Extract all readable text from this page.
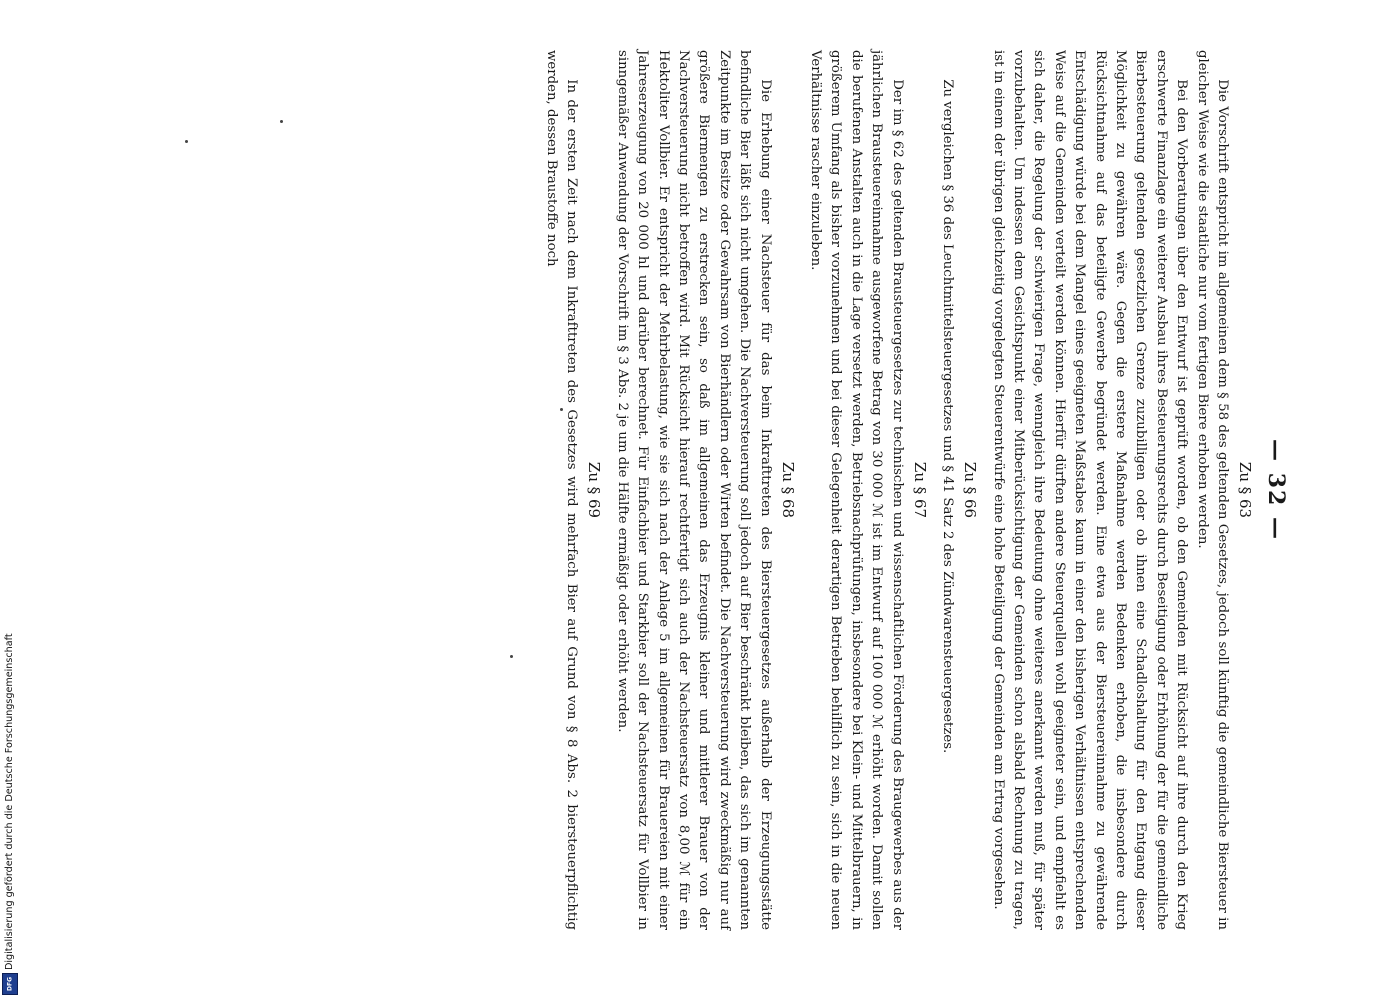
— 32 —
Zu § 63

Die Vorschrift entspricht im allgemeinen dem § 58 des geltenden Gesetzes, jedoch soll künftig die gemeindliche Biersteuer in gleicher Weise wie die staatliche nur vom fertigen Biere erhoben werden.

Bei den Vorberatungen über den Entwurf ist geprüft worden, ob den Gemeinden mit Rücksicht auf ihre durch den Krieg erschwerte Finanzlage ein weiterer Ausbau ihres Besteuerungsrechts durch Beseitigung oder Erhöhung der für die gemeindliche Bierbesteuerung geltenden gesetzlichen Grenze zuzubilligen oder ob ihnen eine Schadloshaltung für den Entgang dieser Möglichkeit zu gewähren wäre. Gegen die erstere Maßnahme werden Bedenken erhoben, die insbesondere durch Rücksichtnahme auf das beteiligte Gewerbe begründet werden. Eine etwa aus der Biersteuereinnahme zu gewährende Entschädigung würde bei dem Mangel eines geeigneten Maßstabes kaum in einer den bisherigen Verhältnissen entsprechenden Weise auf die Gemeinden verteilt werden können. Hierfür dürften andere Steuerquellen wohl geeigneter sein, und empfiehlt es sich daher, die Regelung der schwierigen Frage, wenngleich ihre Bedeutung ohne weiteres anerkannt werden muß, für später vorzubehalten. Um indessen dem Gesichtspunkt einer Mitberücksichtigung der Gemeinden schon alsbald Rechnung zu tragen, ist in einem der übrigen gleichzeitig vorgelegten Steuerentwürfe eine hohe Beteiligung der Gemeinden am Ertrag vorgesehen.

Zu § 66

Zu vergleichen § 36 des Leuchtmittelsteuergesetzes und § 41 Satz 2 des Zündwarensteuergesetzes.

Zu § 67

Der im § 62 des geltenden Brausteuergesetzes zur technischen und wissenschaftlichen Förderung des Braugewerbes aus der jährlichen Brausteuereinnahme ausgeworfene Betrag von 30 000 ℳ ist im Entwurf auf 100 000 ℳ erhöht worden. Damit sollen die berufenen Anstalten auch in die Lage versetzt werden, Betriebsnachprüfungen, insbesondere bei Klein- und Mittelbrauern, in größerem Umfang als bisher vorzunehmen und bei dieser Gelegenheit derartigen Betrieben behilflich zu sein, sich in die neuen Verhältnisse rascher einzuleben.

Zu § 68

Die Erhebung einer Nachsteuer für das beim Inkrafttreten des Biersteuergesetzes außerhalb der Erzeugungsstätte befindliche Bier läßt sich nicht umgehen. Die Nachversteuerung soll jedoch auf Bier beschränkt bleiben, das sich im genannten Zeitpunkte im Besitze oder Gewahrsam von Bierhändlern oder Wirten befindet. Die Nachversteuerung wird zweckmäßig nur auf größere Biermengen zu erstrecken sein, so daß im allgemeinen das Erzeugnis kleiner und mittlerer Brauer von der Nachversteuerung nicht betroffen wird. Mit Rücksicht hierauf rechtfertigt sich auch der Nachsteuersatz von 8,00 ℳ für ein Hektoliter Vollbier. Er entspricht der Mehrbelastung, wie sie sich nach der Anlage 5 im allgemeinen für Brauereien mit einer Jahreserzeugung von 20 000 hl und darüber berechnet. Für Einfachbier und Starkbier soll der Nachsteuersatz für Vollbier in sinngemäßer Anwendung der Vorschrift im § 3 Abs. 2 je um die Hälfte ermäßigt oder erhöht werden.

Zu § 69

In der ersten Zeit nach dem Inkrafttreten des Gesetzes wird mehrfach Bier auf Grund von § 8 Abs. 2 biersteuerpflichtig werden, dessen Braustoffe noch

Digitalisierung gefördert durch die Deutsche Forschungsgemeinschaft
DFG
